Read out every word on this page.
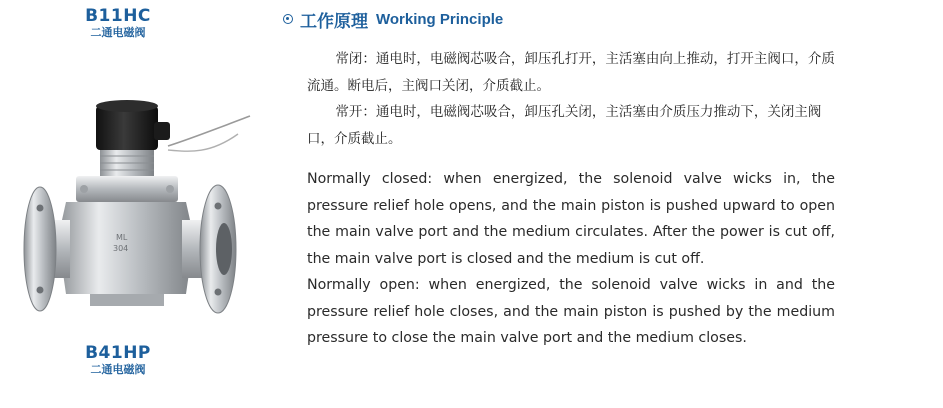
B11HC
二通电磁阀
ML
304
B41HP
二通电磁阀
工作原理 Working Principle

常闭：通电时，电磁阀芯吸合，卸压孔打开，主活塞由向上推动，打开主阀口，介质流通。断电后，主阀口关闭，介质截止。

常开：通电时，电磁阀芯吸合，卸压孔关闭，主活塞由介质压力推动下，关闭主阀口，介质截止。

Normally closed: when energized, the solenoid valve wicks in, the pressure relief hole opens, and the main piston is pushed upward to open the main valve port and the medium circulates. After the power is cut off, the main valve port is closed and the medium is cut off.

Normally open: when energized, the solenoid valve wicks in and the pressure relief hole closes, and the main piston is pushed by the medium pressure to close the main valve port and the medium closes.
